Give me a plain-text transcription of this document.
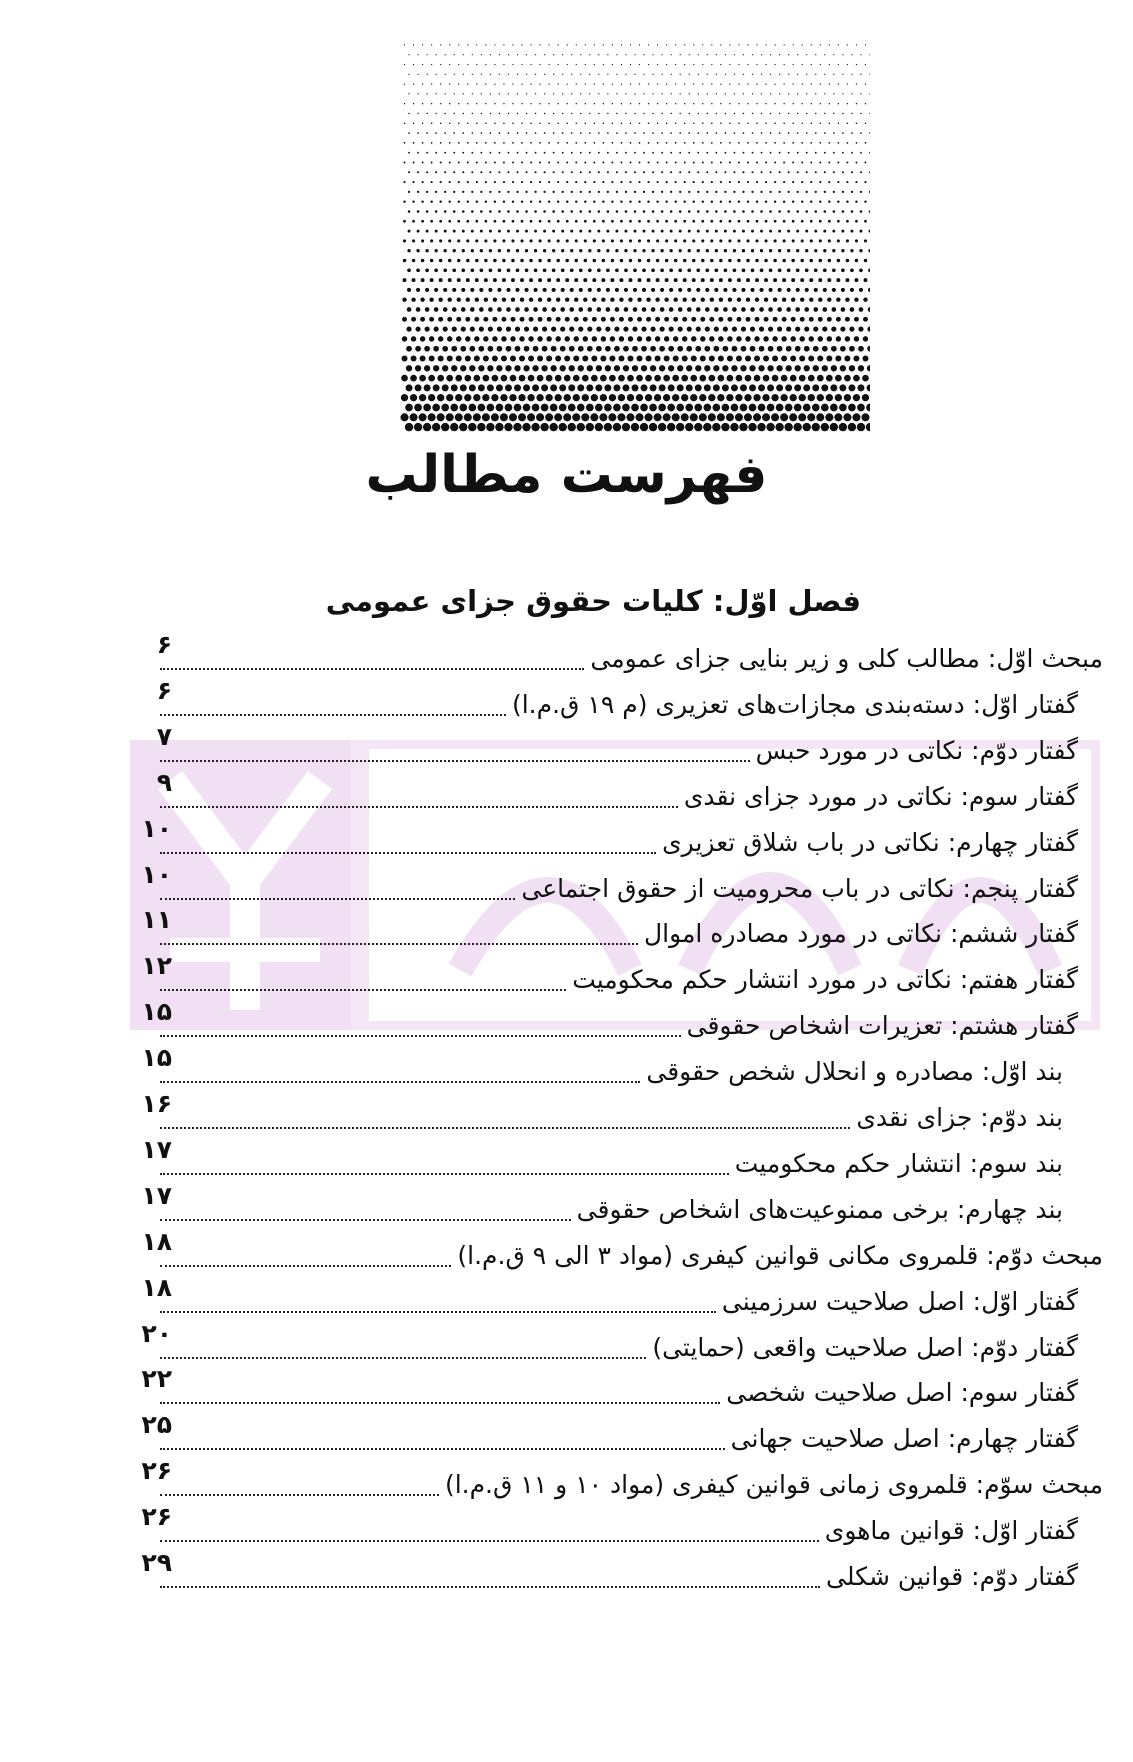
فهرست مطالب
فصل اوّل: کلیات حقوق جزای عمومی
مبحث اوّل: مطالب کلی و زیر بنایی جزای عمومی
۶
گفتار اوّل: دسته‌بندی مجازات‌های تعزیری (م ۱۹ ق.م.ا)
۶
گفتار دوّم: نکاتی در مورد حبس
۷
گفتار سوم: نکاتی در مورد جزای نقدی
۹
گفتار چهارم: نکاتی در باب شلاق تعزیری
۱۰
گفتار پنجم: نکاتی در باب محرومیت از حقوق اجتماعی
۱۰
گفتار ششم: نکاتی در مورد مصادره اموال
۱۱
گفتار هفتم: نکاتی در مورد انتشار حکم محکومیت
۱۲
گفتار هشتم: تعزیرات اشخاص حقوقی
۱۵
بند اوّل: مصادره و انحلال شخص حقوقی
۱۵
بند دوّم: جزای نقدی
۱۶
بند سوم: انتشار حکم محکومیت
۱۷
بند چهارم: برخی ممنوعیت‌های اشخاص حقوقی
۱۷
مبحث دوّم: قلمروی مکانی قوانین کیفری (مواد ۳ الی ۹ ق.م.ا)
۱۸
گفتار اوّل: اصل صلاحیت سرزمینی
۱۸
گفتار دوّم: اصل صلاحیت واقعی (حمایتی)
۲۰
گفتار سوم: اصل صلاحیت شخصی
۲۲
گفتار چهارم: اصل صلاحیت جهانی
۲۵
مبحث سوّم: قلمروی زمانی قوانین کیفری (مواد ۱۰ و ۱۱ ق.م.ا)
۲۶
گفتار اوّل: قوانین ماهوی
۲۶
گفتار دوّم: قوانین شکلی
۲۹
